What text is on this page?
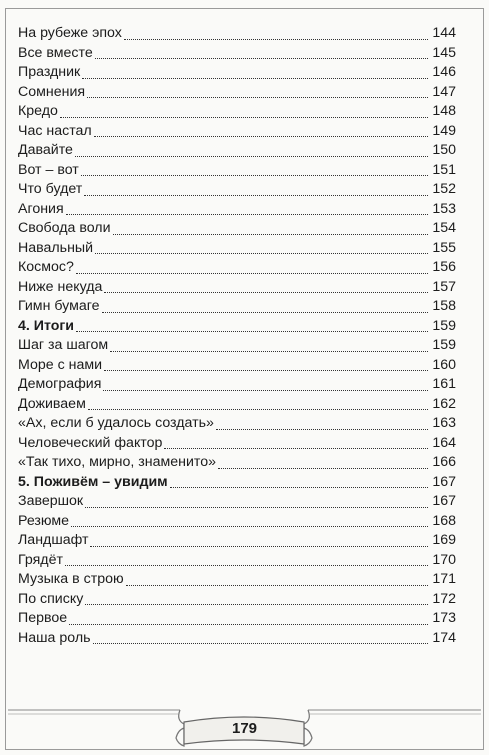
На рубеже эпох	144
Все вместе	145
Праздник	146
Сомнения	147
Кредо	148
Час настал	149
Давайте	150
Вот – вот	151
Что будет	152
Агония	153
Свобода воли	154
Навальный	155
Космос?	156
Ниже некуда	157
Гимн бумаге	158
4. Итоги	159
Шаг за шагом	159
Море с нами	160
Демография	161
Доживаем	162
«Ах, если б удалось создать»	163
Человеческий фактор	164
«Так тихо, мирно, знаменито»	166
5. Поживём – увидим	167
Завершок	167
Резюме	168
Ландшафт	169
Грядёт	170
Музыка в строю	171
По списку	172
Первое	173
Наша роль	174
179
